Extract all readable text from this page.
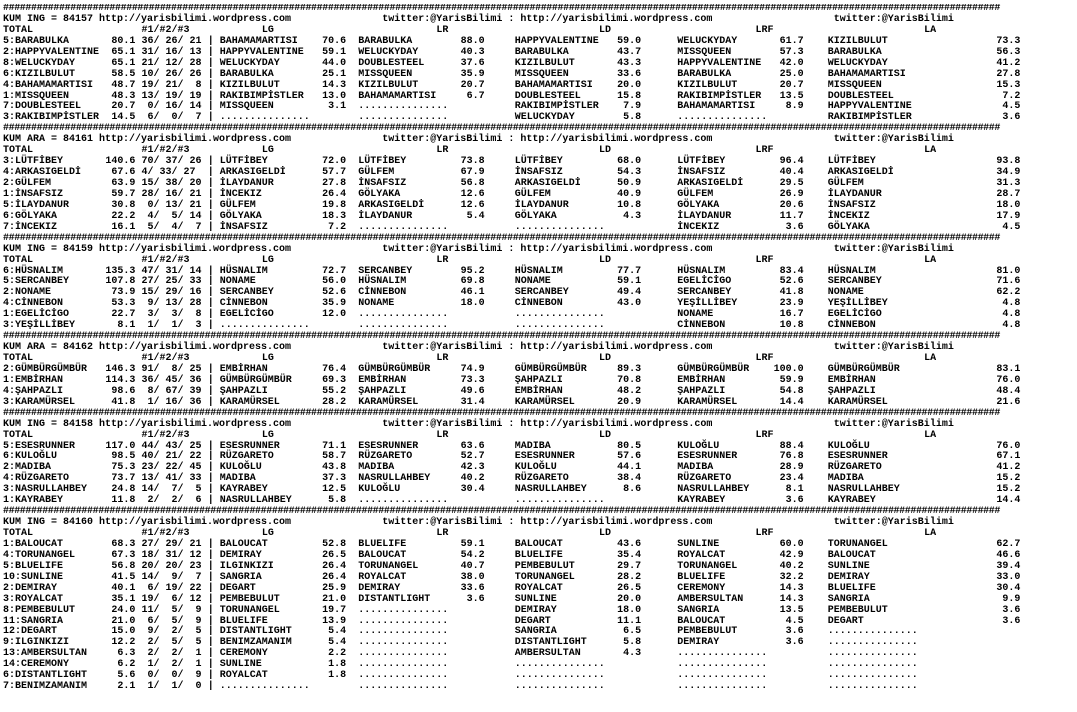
##################################################################################################################################################################################
KUM ING = 84157 http://yarisbilimi.wordpress.com	twitter:@YarisBilimi : http://yarisbilimi.wordpress.com	twitter:@YarisBilimi
TOTAL	#1/#2/#3	LG	LR	LD	LRF	LA
5:BARABULKA	80.1 36/ 26/ 21 | BAHAMAMARTISI	70.6 BARABULKA	88.0	HAPPYVALENTINE	59.0	WELUCKYDAY	61.7 KIZILBULUT	73.3
2:HAPPYVALENTINE	65.1 31/ 16/ 13 | HAPPYVALENTINE	59.1 WELUCKYDAY	40.3	BARABULKA	43.7	MISSQUEEN	57.3 BARABULKA	56.3
8:WELUCKYDAY	65.1 21/ 12/ 28 | WELUCKYDAY	44.0 DOUBLESTEEL	37.6	KIZILBULUT	43.3	HAPPYVALENTINE	42.0 WELUCKYDAY	41.2
6:KIZILBULUT	58.5 10/ 26/ 26 | BARABULKA	25.1 MISSQUEEN	35.9	MISSQUEEN	33.6	BARABULKA	25.0 BAHAMAMARTISI	27.8
4:BAHAMAMARTISI	48.7 19/ 21/  8 | KIZILBULUT	14.3 KIZILBULUT	20.7	BAHAMAMARTISI	20.0	KIZILBULUT	20.7 MISSQUEEN	15.3
1:MISSQUEEN	48.3 13/ 19/ 19 | RAKIBIMPİSTLER	13.0 BAHAMAMARTISI	6.7	DOUBLESTEEL	15.8	RAKIBIMPİSTLER	13.5 DOUBLESTEEL	7.2
7:DOUBLESTEEL	20.7 0/ 16/ 14 | MISSQUEEN	3.1 ...............	RAKIBIMPİSTLER	7.9	BAHAMAMARTISI	8.9 HAPPYVALENTINE	4.5
3:RAKIBIMPİSTLER	14.5 6/  0/  7 | ...............	...............	WELUCKYDAY	5.8	...............	RAKIBIMPİSTLER	3.6
##################################################################################################################################################################################
KUM ARA = 84161 http://yarisbilimi.wordpress.com	twitter:@YarisBilimi : http://yarisbilimi.wordpress.com	twitter:@YarisBilimi
TOTAL	#1/#2/#3	LG	LR	LD	LRF	LA
3:LÜTFİBEY	140.6 70/ 37/ 26 | LÜTFİBEY	72.0 LÜTFİBEY	73.8	LÜTFİBEY	68.0	LÜTFİBEY	96.4 LÜTFİBEY	93.8
4:ARKASIGELDİ	67.6 4/ 33/ 27 | ARKASIGELDİ	57.7 GÜLFEM	67.9	İNSAFSIZ	54.3	İNSAFSIZ	40.4 ARKASIGELDİ	34.9
2:GÜLFEM	63.9 15/ 38/ 20 | İLAYDANUR	27.8 İNSAFSIZ	56.8	ARKASIGELDİ	50.9	ARKASIGELDİ	29.5 GÜLFEM	31.3
1:İNSAFSIZ	59.7 28/ 16/ 21 | İNCEKIZ	26.4 GÖLYAKA	12.6	GÜLFEM	40.9	GÜLFEM	26.9 İLAYDANUR	28.7
5:İLAYDANUR	30.8 0/ 13/ 21 | GÜLFEM	19.8 ARKASIGELDİ	12.6	İLAYDANUR	10.8	GÖLYAKA	20.6 İNSAFSIZ	18.0
6:GÖLYAKA	22.2 4/  5/ 14 | GÖLYAKA	18.3 İLAYDANUR	5.4	GÖLYAKA	4.3	İLAYDANUR	11.7 İNCEKIZ	17.9
7:İNCEKIZ	16.1 5/  4/  7 | İNSAFSIZ	7.2 ...............	...............	İNCEKIZ	3.6 GÖLYAKA	4.5
##################################################################################################################################################################################
KUM ING = 84159 http://yarisbilimi.wordpress.com	twitter:@YarisBilimi : http://yarisbilimi.wordpress.com	twitter:@YarisBilimi
TOTAL	#1/#2/#3	LG	LR	LD	LRF	LA
6:HÜSNALIM	135.3 47/ 31/ 14 | HÜSNALIM	72.7 SERCANBEY	95.2	HÜSNALIM	77.7	HÜSNALIM	83.4 HÜSNALIM	81.0
5:SERCANBEY	107.8 27/ 25/ 33 | NONAME	56.0 HÜSNALIM	69.8	NONAME	59.1	EGELİCİGO	52.6 SERCANBEY	71.6
2:NONAME	73.9 15/ 29/ 16 | SERCANBEY	52.6 CİNNEBON	46.1	SERCANBEY	49.4	SERCANBEY	41.8 NONAME	62.2
4:CİNNEBON	53.3 9/ 13/ 28 | CİNNEBON	35.9 NONAME	18.0	CİNNEBON	43.0	YEŞİLLİBEY	23.9 YEŞİLLİBEY	4.8
1:EGELİCİGO	22.7 3/  3/  8 | EGELİCİGO	12.0 ...............	...............	NONAME	16.7 EGELİCİGO	4.8
3:YEŞİLLİBEY	8.1 1/  1/  3 | ...............	...............	...............	CİNNEBON	10.8 CİNNEBON	4.8
##################################################################################################################################################################################
KUM ARA = 84162 http://yarisbilimi.wordpress.com	twitter:@YarisBilimi : http://yarisbilimi.wordpress.com	twitter:@YarisBilimi
TOTAL	#1/#2/#3	LG	LR	LD	LRF	LA
2:GÜMBÜRGÜMBÜR	146.3 91/  8/ 25 | EMBİRHAN	76.4 GÜMBÜRGÜMBÜR	74.9	GÜMBÜRGÜMBÜR	89.3	GÜMBÜRGÜMBÜR	100.0 GÜMBÜRGÜMBÜR	83.1
1:EMBİRHAN	114.3 36/ 45/ 36 | GÜMBÜRGÜMBÜR	69.3 EMBİRHAN	73.3	ŞAHPAZLI	70.8	EMBİRHAN	59.9 EMBİRHAN	76.0
4:ŞAHPAZLI	98.6 8/ 67/ 39 | ŞAHPAZLI	55.2 ŞAHPAZLI	49.6	EMBİRHAN	48.2	ŞAHPAZLI	54.8 ŞAHPAZLI	48.4
3:KARAMÜRSEL	41.8 1/ 16/ 36 | KARAMÜRSEL	28.2 KARAMÜRSEL	31.4	KARAMÜRSEL	20.9	KARAMÜRSEL	14.4 KARAMÜRSEL	21.6
##################################################################################################################################################################################
KUM ING = 84158 http://yarisbilimi.wordpress.com	twitter:@YarisBilimi : http://yarisbilimi.wordpress.com	twitter:@YarisBilimi
TOTAL	#1/#2/#3	LG	LR	LD	LRF	LA
5:ESESRUNNER	117.0 44/ 43/ 25 | ESESRUNNER	71.1 ESESRUNNER	63.6	MADIBA	80.5	KULOĞLU	88.4 KULOĞLU	76.0
6:KULOĞLU	98.5 40/ 21/ 22 | RÜZGARETO	58.7 RÜZGARETO	52.7	ESESRUNNER	57.6	ESESRUNNER	76.8 ESESRUNNER	67.1
2:MADIBA	75.3 23/ 22/ 45 | KULOĞLU	43.8 MADIBA	42.3	KULOĞLU	44.1	MADIBA	28.9 RÜZGARETO	41.2
4:RÜZGARETO	73.7 13/ 41/ 33 | MADIBA	37.3 NASRULLAHBEY	40.2	RÜZGARETO	38.4	RÜZGARETO	23.4 MADIBA	15.2
3:NASRULLAHBEY	24.8 14/  7/  5 | KAYRABEY	12.5 KULOĞLU	30.4	NASRULLAHBEY	8.6	NASRULLAHBEY	8.1 NASRULLAHBEY	15.2
1:KAYRABEY	11.8 2/  2/  6 | NASRULLAHBEY	5.8 ...............	...............	KAYRABEY	3.6 KAYRABEY	14.4
##################################################################################################################################################################################
KUM ING = 84160 http://yarisbilimi.wordpress.com	twitter:@YarisBilimi : http://yarisbilimi.wordpress.com	twitter:@YarisBilimi
TOTAL	#1/#2/#3	LG	LR	LD	LRF	LA
1:BALOUCAT	68.3 27/ 29/ 21 | BALOUCAT	52.8 BLUELIFE	59.1	BALOUCAT	43.6	SUNLINE	60.0 TORUNANGEL	62.7
4:TORUNANGEL	67.3 18/ 31/ 12 | DEMIRAY	26.5 BALOUCAT	54.2	BLUELIFE	35.4	ROYALCAT	42.9 BALOUCAT	46.6
5:BLUELIFE	56.8 20/ 20/ 23 | ILGINKIZI	26.4 TORUNANGEL	40.7	PEMBEBULUT	29.7	TORUNANGEL	40.2 SUNLINE	39.4
10:SUNLINE	41.5 14/  9/  7 | SANGRIA	26.4 ROYALCAT	38.0	TORUNANGEL	28.2	BLUELIFE	32.2 DEMIRAY	33.0
2:DEMIRAY	40.1 6/ 19/ 22 | DEGART	25.9 DEMIRAY	33.6	ROYALCAT	26.5	CEREMONY	14.3 BLUELIFE	30.4
3:ROYALCAT	35.1 19/  6/ 12 | PEMBEBULUT	21.0 DISTANTLIGHT	3.6	SUNLINE	20.0	AMBERSULTAN	14.3 SANGRIA	9.9
8:PEMBEBULUT	24.0 11/  5/  9 | TORUNANGEL	19.7 ...............	DEMIRAY	18.0	SANGRIA	13.5 PEMBEBULUT	3.6
11:SANGRIA	21.0 6/  5/  9 | BLUELIFE	13.9 ...............	DEGART	11.1	BALOUCAT	4.5 DEGART	3.6
12:DEGART	15.0 9/  2/  5 | DISTANTLIGHT	5.4 ...............	SANGRIA	6.5	PEMBEBULUT	3.6 ...............
9:ILGINKIZI	12.2 2/  5/  5 | BENIMZAMANIM	5.4 ...............	DISTANTLIGHT	5.8	DEMIRAY	3.6 ...............
13:AMBERSULTAN	6.3 2/  2/  1 | CEREMONY	2.2 ...............	AMBERSULTAN	4.3	...............	...............
14:CEREMONY	6.2 1/  2/  1 | SUNLINE	1.8 ...............	...............	...............	...............
6:DISTANTLIGHT	5.6 0/  0/  9 | ROYALCAT	1.8 ...............	...............	...............	...............
7:BENIMZAMANIM	2.1 1/  1/  0 | ...............	...............	...............	...............	...............
